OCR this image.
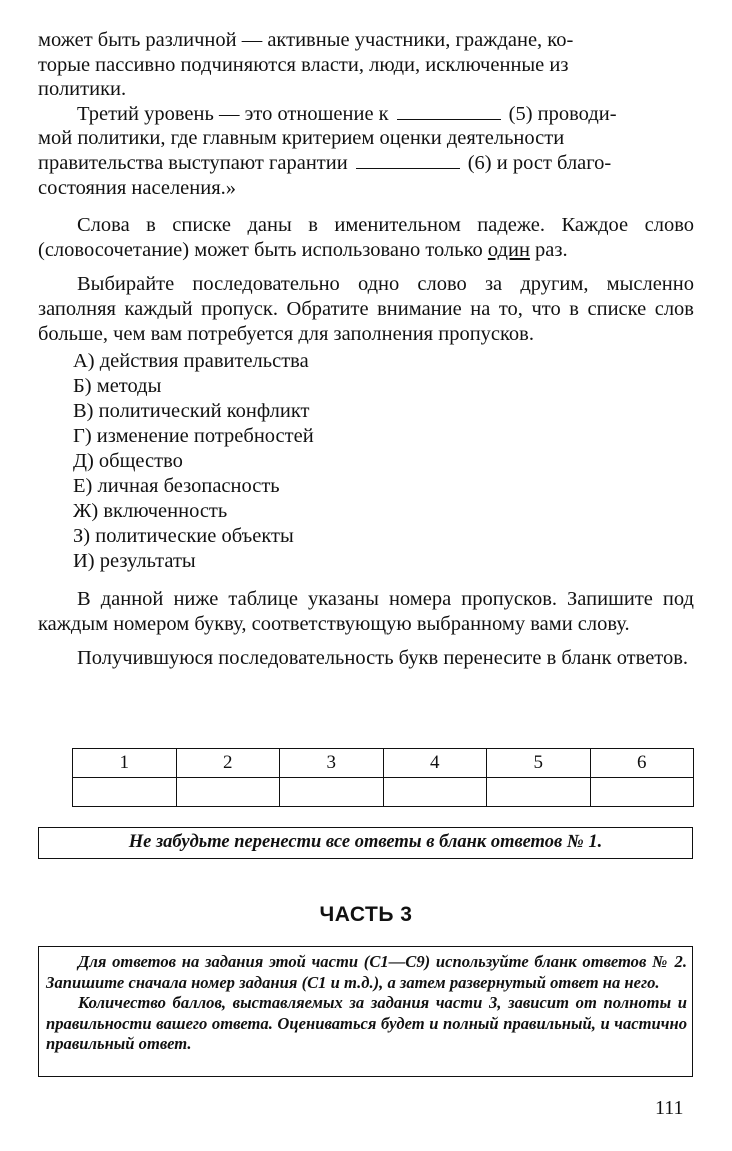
может быть различной — активные участники, граждане, ко-
торые пассивно подчиняются власти, люди, исключенные из
политики.

Третий уровень — это отношение к	(5) проводи-
мой политики, где главным критерием оценки деятельности
правительства выступают гарантии	(6) и рост благо-
состояния населения.»

Слова в списке даны в именительном падеже. Каждое слово (словосочетание) может быть использовано только один раз.

Выбирайте последовательно одно слово за другим, мысленно заполняя каждый пропуск. Обратите внимание на то, что в списке слов больше, чем вам потребуется для заполнения пропусков.

А) действия правительства
Б) методы
В) политический конфликт
Г) изменение потребностей
Д) общество
Е) личная безопасность
Ж) включенность
З) политические объекты
И) результаты

В данной ниже таблице указаны номера пропусков. Запишите под каждым номером букву, соответствующую выбранному вами слову.

Получившуюся последовательность букв перенесите в бланк ответов.

1	2	3	4	5	6

Не забудьте перенести все ответы в бланк ответов № 1.
ЧАСТЬ 3

Для ответов на задания этой части (С1—С9) используйте бланк ответов № 2. Запишите сначала номер задания (С1 и т.д.), а затем развернутый ответ на него.

Количество баллов, выставляемых за задания части 3, зависит от полноты и правильности вашего ответа. Оцениваться будет и полный правильный, и частично правильный ответ.

111
